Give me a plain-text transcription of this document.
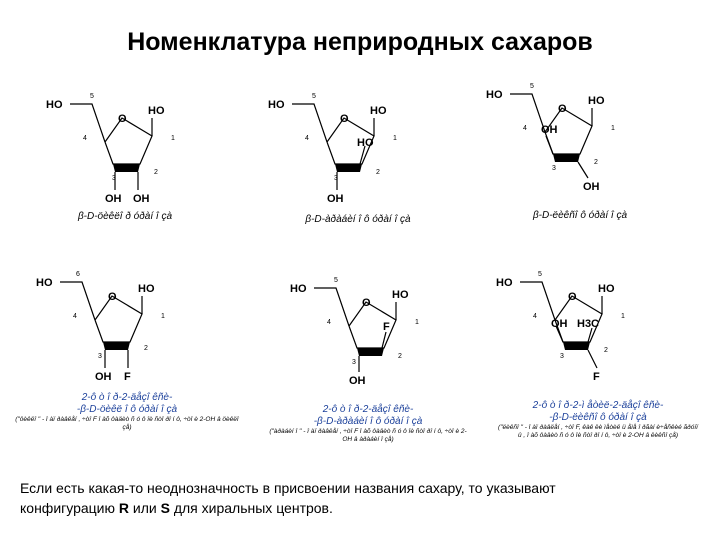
Номенклатура неприродных сахаров
HO
5
O
HO
4	1
3
2
OH OH
HO
5
O
HO
4	HO	1
3
2
OH
HO
5
O
HO
4 OH	1
3
2
OH
HO
6
O
HO
4	1
3
2
OH F
HO
5
O
HO
4	F	1
3
2
OH
HO
5
O
HO
4
OH H3C
1
3
2
F
β-D-öèêëî ð óðàí î çà	β-D-àðàáèí î ô óðàí î çà	β-D-ëèêñî ô óðàí î çà
2-ô ò î ð-2-äåçî êñè-
-β-D-öèêë î ô óðàí î çà
("öèêëî " - î àï ðàâëåí , ÷òî F î àõ ôàäèò ñ ó ô îè ñòî ðî í ô, ÷òî è 2-OH â öèêëî çå)
2-ô ò î ð-2-äåçî êñè-
-β-D-àðàáèí î ô óðàí î çà
("àðàáèí î " - î àï ðàâëåí , ÷òî F î àõ ôàäèò ñ ó ô îè ñòî ðî í ô, ÷òî è 2-OH â àðàáèí î çå)
2-ô ò î ð-2-ì åòèë-2-äåçî êñè-
-β-D-ëèêñî ô óðàí î çà
("ëèêñî " - î àï ðàâëåí , ÷òî F, êàê ëè ìåòèë ü åìå î ðãàí è÷åñêèé ãðóïï û , î àõ ôàäèò ñ ó ô îè ñòî ðî í ô, ÷òî è 2-OH â ëèêñî çå)
Если есть какая-то неоднозначность в присвоении названия сахару, то указывают
конфигурацию R или S для хиральных центров.
